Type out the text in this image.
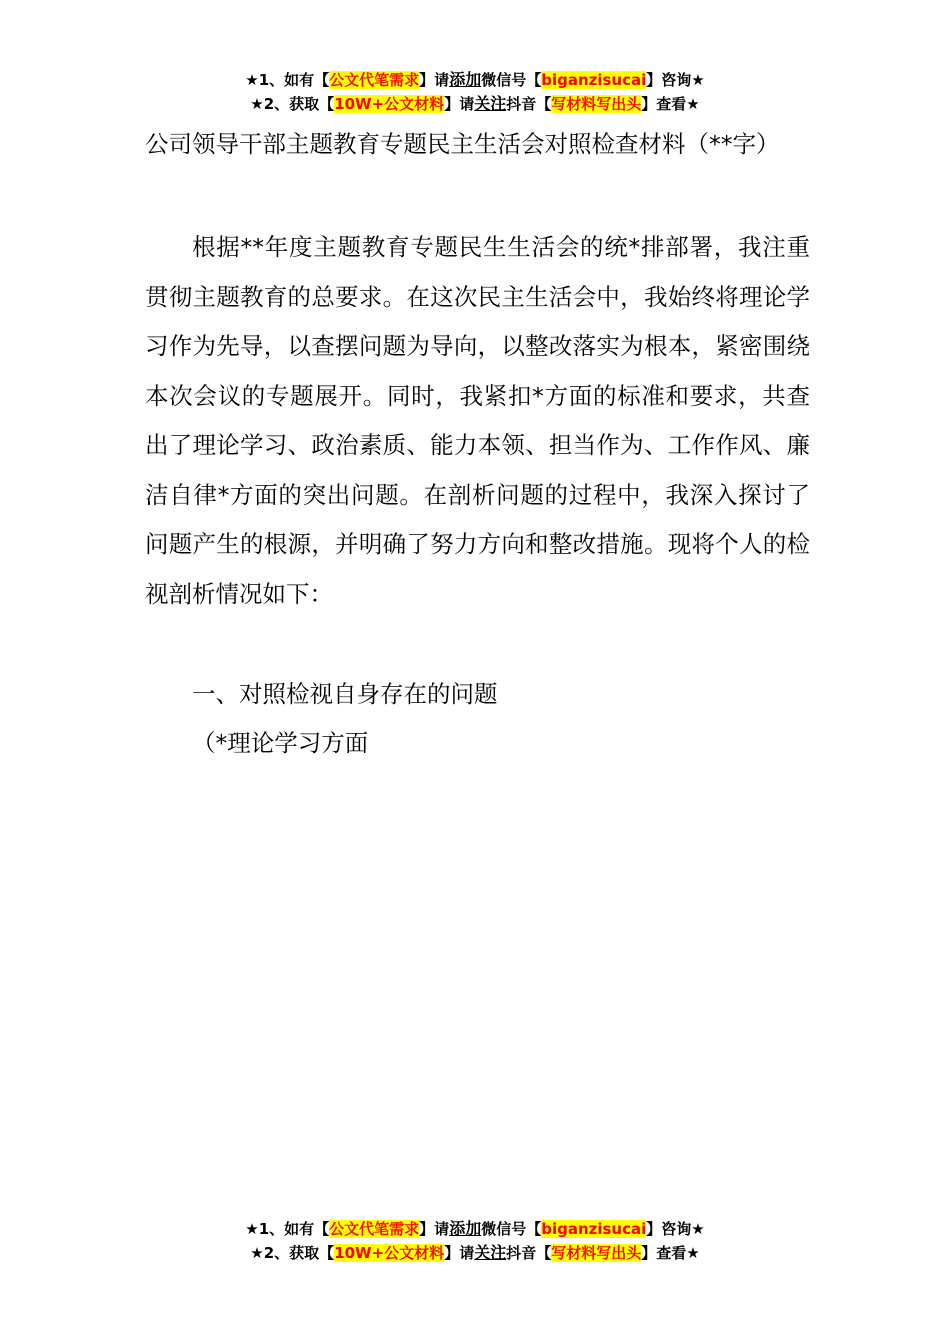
★1、如有【公文代笔需求】请添加微信号【biganzisucai】咨询★
★2、获取【10W+公文材料】请关注抖音【写材料写出头】查看★
公司领导干部主题教育专题民主生活会对照检查材料（**字）

根据**年度主题教育专题民生生活会的统*排部署，我注重贯彻主题教育的总要求。在这次民主生活会中，我始终将理论学习作为先导，以查摆问题为导向，以整改落实为根本，紧密围绕本次会议的专题展开。同时，我紧扣*方面的标准和要求，共查出了理论学习、政治素质、能力本领、担当作为、工作作风、廉洁自律*方面的突出问题。在剖析问题的过程中，我深入探讨了问题产生的根源，并明确了努力方向和整改措施。现将个人的检视剖析情况如下：

一、对照检视自身存在的问题

（*理论学习方面

★1、如有【公文代笔需求】请添加微信号【biganzisucai】咨询★
★2、获取【10W+公文材料】请关注抖音【写材料写出头】查看★
